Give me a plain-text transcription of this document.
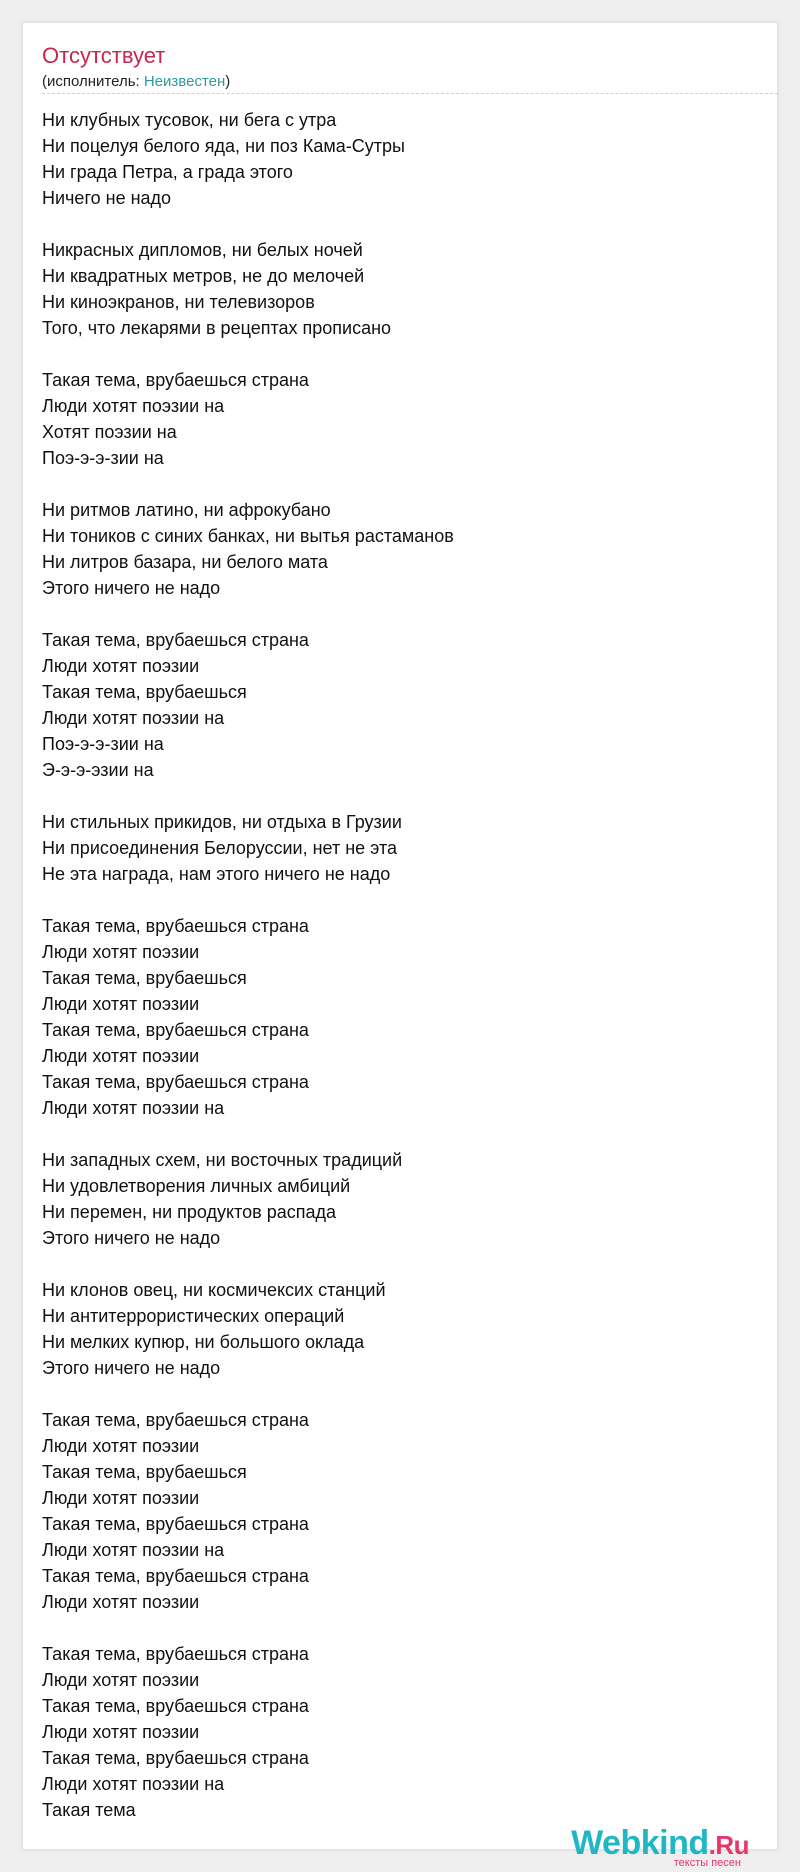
Отсутствует
(исполнитель: Неизвестен)
Ни клубных тусовок, ни бега с утра
Ни поцелуя белого яда, ни поз Кама-Сутры
Ни града Петра, а града этого
Ничего не надо
Никрасных дипломов, ни белых ночей
Ни квадратных метров, не до мелочей
Ни киноэкранов, ни телевизоров
Того, что лекарями в рецептах прописано
Такая тема, врубаешься страна
Люди хотят поэзии на
Хотят поэзии на
Поэ-э-э-зии на
Ни ритмов латино, ни афрокубано
Ни тоников с синих банках, ни вытья растаманов
Ни литров базара, ни белого мата
Этого ничего не надо
Такая тема, врубаешься страна
Люди хотят поэзии
Такая тема, врубаешься
Люди хотят поэзии на
Поэ-э-э-зии на
Э-э-э-эзии на
Ни стильных прикидов, ни отдыха в Грузии
Ни присоединения Белоруссии, нет не эта
Не эта награда, нам этого ничего не надо
Такая тема, врубаешься страна
Люди хотят поэзии
Такая тема, врубаешься
Люди хотят поэзии
Такая тема, врубаешься страна
Люди хотят поэзии
Такая тема, врубаешься страна
Люди хотят поэзии на
Ни западных схем, ни восточных традиций
Ни удовлетворения личных амбиций
Ни перемен, ни продуктов распада
Этого ничего не надо
Ни клонов овец, ни космичексих станций
Ни антитеррористических операций
Ни мелких купюр, ни большого оклада
Этого ничего не надо
Такая тема, врубаешься страна
Люди хотят поэзии
Такая тема, врубаешься
Люди хотят поэзии
Такая тема, врубаешься страна
Люди хотят поэзии на
Такая тема, врубаешься страна
Люди хотят поэзии
Такая тема, врубаешься страна
Люди хотят поэзии
Такая тема, врубаешься страна
Люди хотят поэзии
Такая тема, врубаешься страна
Люди хотят поэзии на
Такая тема
Webkind.Ru
тексты песен
